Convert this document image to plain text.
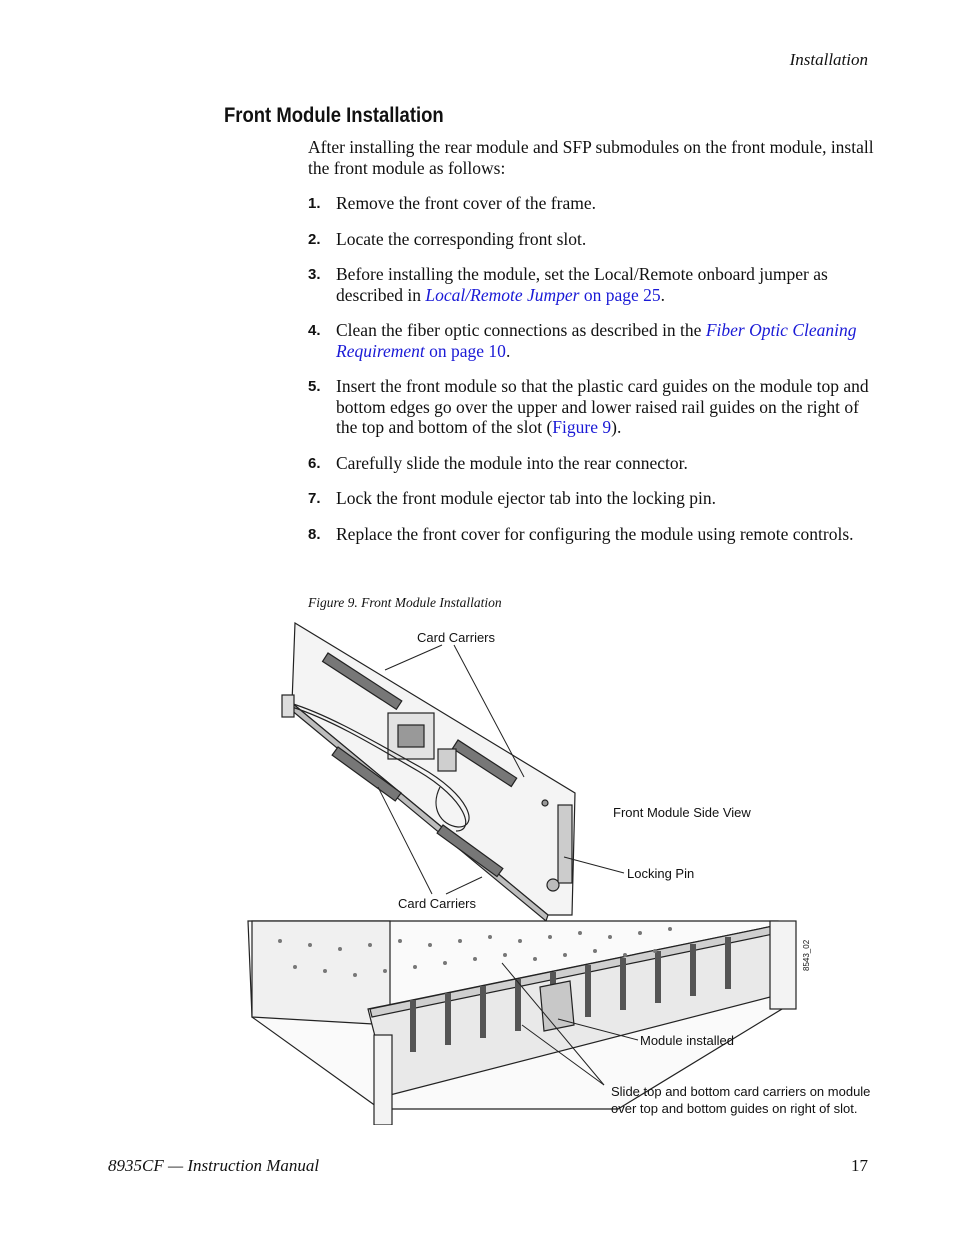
Installation
Front Module Installation

After installing the rear module and SFP submodules on the front module, install the front module as follows:

1. Remove the front cover of the frame.
2. Locate the corresponding front slot.
3. Before installing the module, set the Local/Remote onboard jumper as described in Local/Remote Jumper on page 25.
4. Clean the fiber optic connections as described in the Fiber Optic Cleaning Requirement on page 10.
5. Insert the front module so that the plastic card guides on the module top and bottom edges go over the upper and lower raised rail guides on the right of the top and bottom of the slot (Figure 9).
6. Carefully slide the module into the rear connector.
7. Lock the front module ejector tab into the locking pin.
8. Replace the front cover for configuring the module using remote controls.
Figure 9. Front Module Installation
Card Carriers
Front Module Side View
Locking Pin
Card Carriers
Module installed
Slide top and bottom card carriers on module
over top and bottom guides on right of slot.
8543_02
8935CF — Instruction Manual	17
